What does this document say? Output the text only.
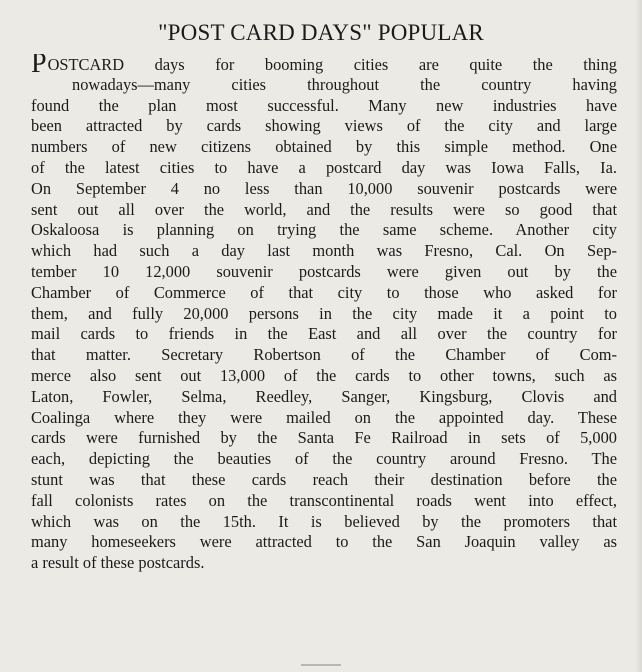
"POST CARD DAYS" POPULAR
POSTCARD days for booming cities are quite the thing
nowadays—many cities throughout the country having
found the plan most successful. Many new industries have
been attracted by cards showing views of the city and large
numbers of new citizens obtained by this simple method. One
of the latest cities to have a postcard day was Iowa Falls, Ia.
On September 4 no less than 10,000 souvenir postcards were
sent out all over the world, and the results were so good that
Oskaloosa is planning on trying the same scheme. Another city
which had such a day last month was Fresno, Cal. On Sep-
tember 10 12,000 souvenir postcards were given out by the
Chamber of Commerce of that city to those who asked for
them, and fully 20,000 persons in the city made it a point to
mail cards to friends in the East and all over the country for
that matter. Secretary Robertson of the Chamber of Com-
merce also sent out 13,000 of the cards to other towns, such as
Laton, Fowler, Selma, Reedley, Sanger, Kingsburg, Clovis and
Coalinga where they were mailed on the appointed day. These
cards were furnished by the Santa Fe Railroad in sets of 5,000
each, depicting the beauties of the country around Fresno. The
stunt was that these cards reach their destination before the
fall colonists rates on the transcontinental roads went into effect,
which was on the 15th. It is believed by the promoters that
many homeseekers were attracted to the San Joaquin valley as
a result of these postcards.
